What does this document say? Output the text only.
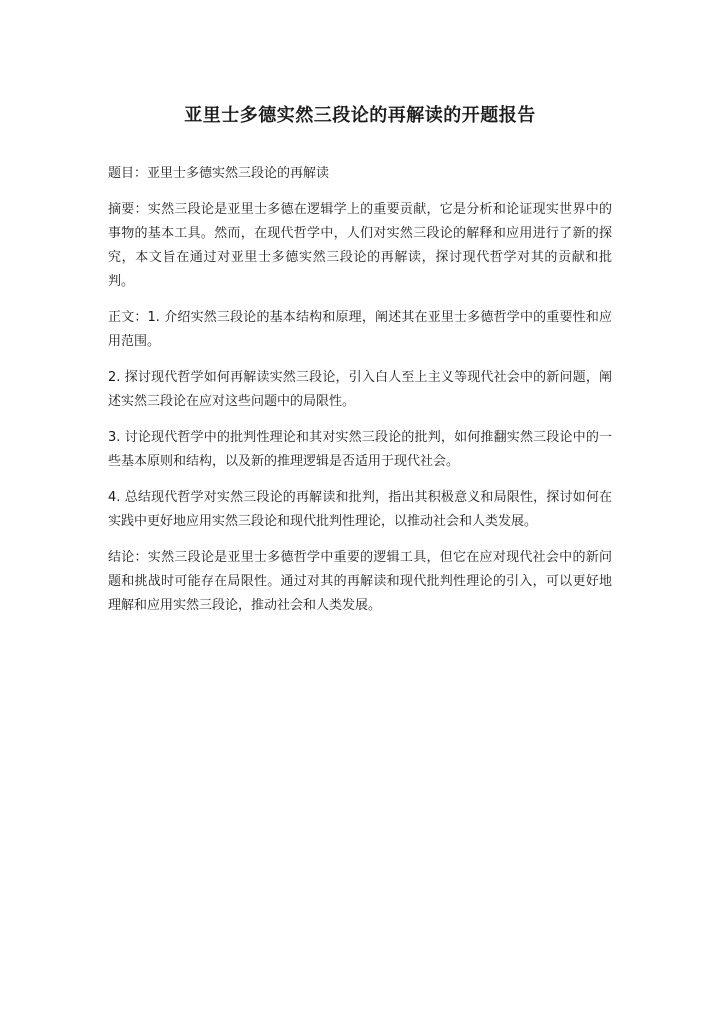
亚里士多德实然三段论的再解读的开题报告

题目：亚里士多德实然三段论的再解读

摘要：实然三段论是亚里士多德在逻辑学上的重要贡献，它是分析和论证现实世界中的事物的基本工具。然而，在现代哲学中，人们对实然三段论的解释和应用进行了新的探究，本文旨在通过对亚里士多德实然三段论的再解读，探讨现代哲学对其的贡献和批判。

正文：1. 介绍实然三段论的基本结构和原理，阐述其在亚里士多德哲学中的重要性和应用范围。

2. 探讨现代哲学如何再解读实然三段论，引入白人至上主义等现代社会中的新问题，阐述实然三段论在应对这些问题中的局限性。

3. 讨论现代哲学中的批判性理论和其对实然三段论的批判，如何推翻实然三段论中的一些基本原则和结构，以及新的推理逻辑是否适用于现代社会。

4. 总结现代哲学对实然三段论的再解读和批判，指出其积极意义和局限性，探讨如何在实践中更好地应用实然三段论和现代批判性理论，以推动社会和人类发展。

结论：实然三段论是亚里士多德哲学中重要的逻辑工具，但它在应对现代社会中的新问题和挑战时可能存在局限性。通过对其的再解读和现代批判性理论的引入，可以更好地理解和应用实然三段论，推动社会和人类发展。
